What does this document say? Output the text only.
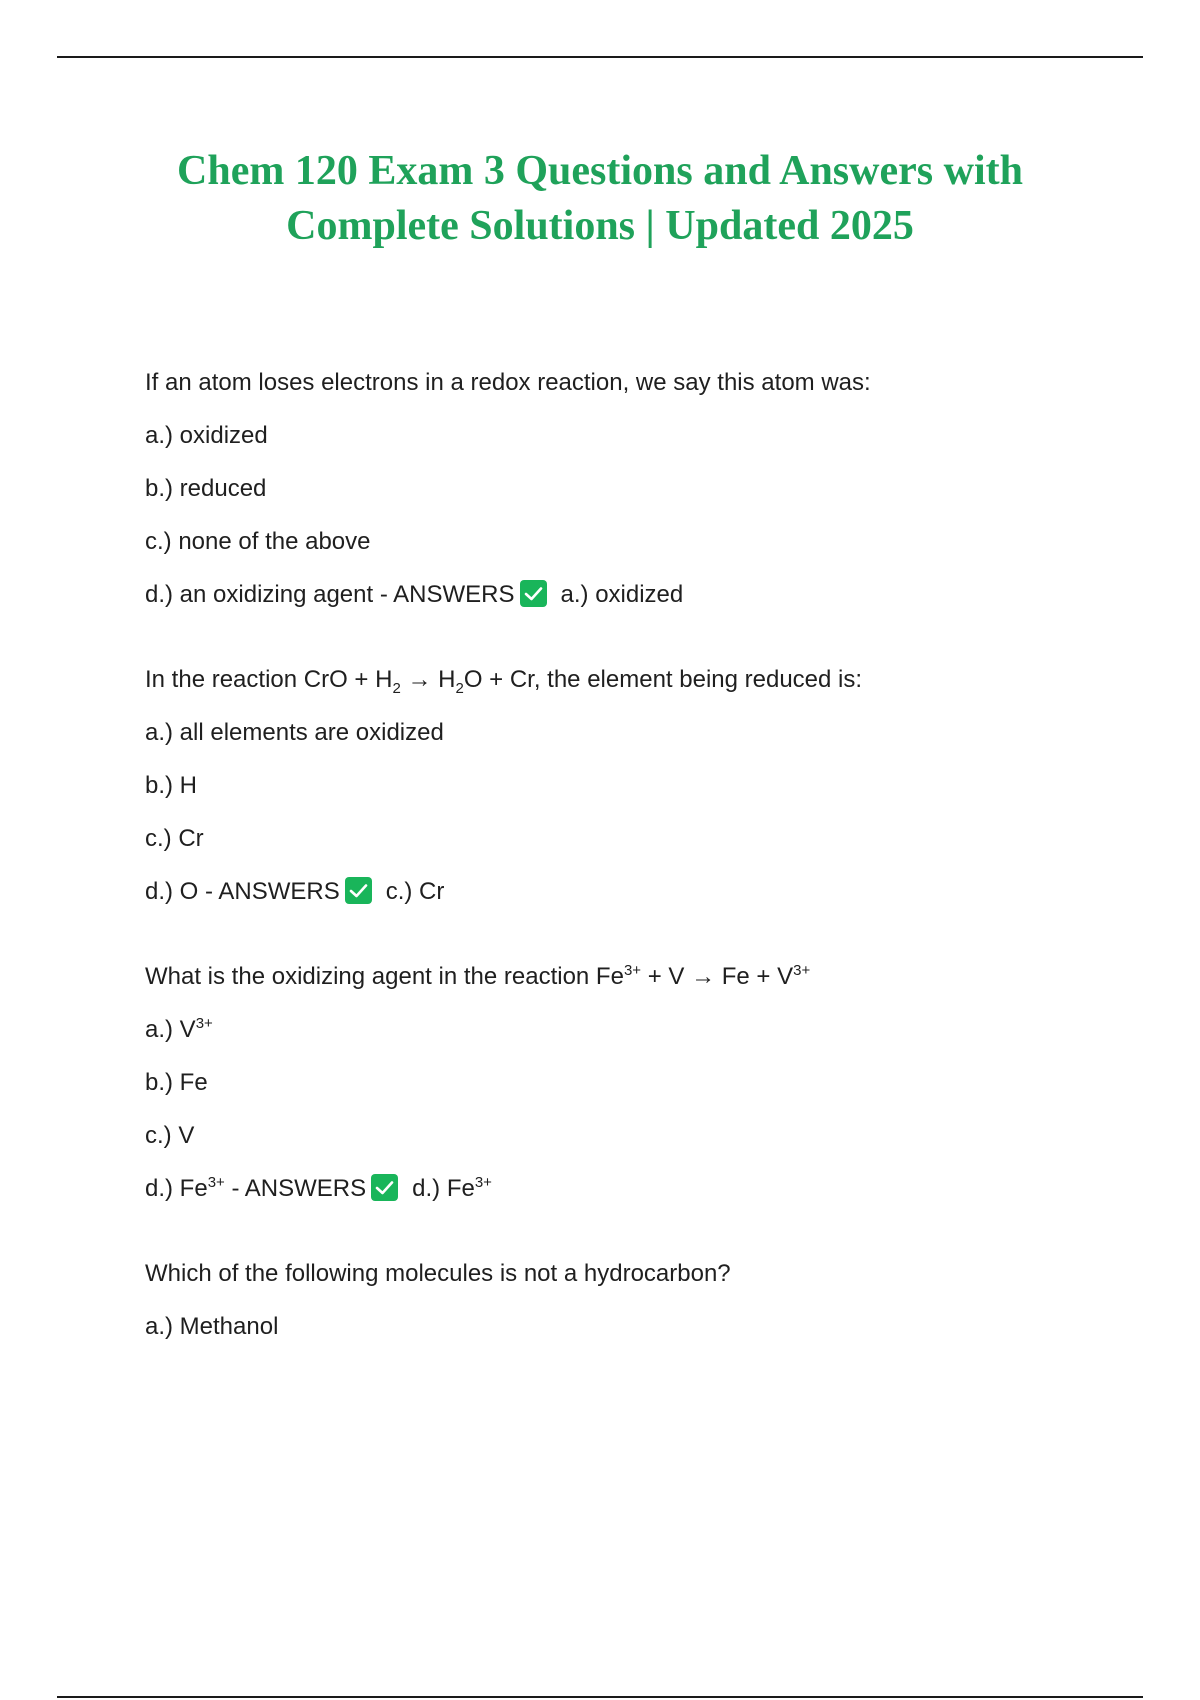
Chem 120 Exam 3 Questions and Answers with
Complete Solutions | Updated 2025

If an atom loses electrons in a redox reaction, we say this atom was:

a.) oxidized

b.) reduced

c.) none of the above

d.) an oxidizing agent - ANSWERS a.) oxidized

In the reaction CrO + $H_2 \to H_2O + Cr$, the element being reduced is:

a.) all elements are oxidized

b.) H

c.) Cr

d.) O - ANSWERS c.) Cr

What is the oxidizing agent in the reaction $Fe^{3+} + V \to Fe + V^{3+}$

a.) $V^{3+}$

b.) Fe

c.) V

d.) $Fe^{3+}$ - ANSWERS d.) $Fe^{3+}$

Which of the following molecules is not a hydrocarbon?

a.) Methanol
